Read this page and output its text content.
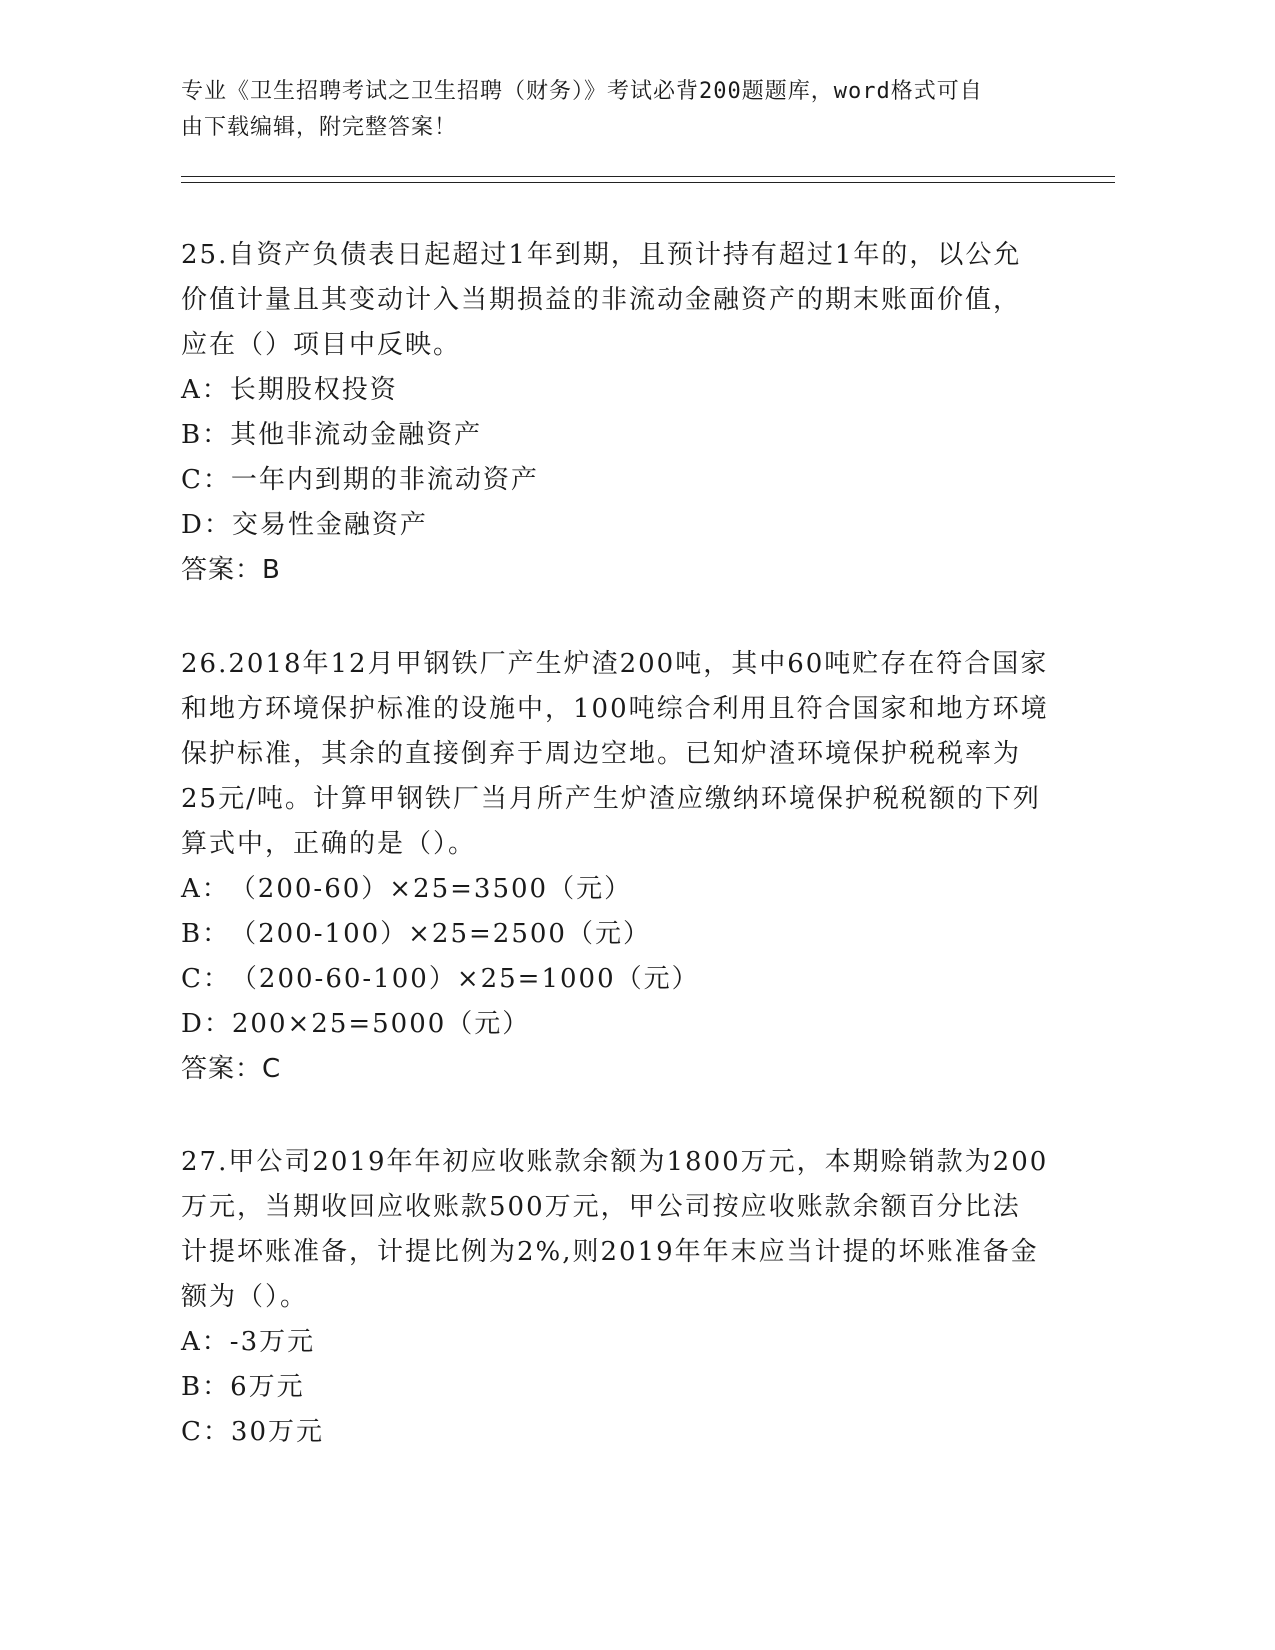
专业《卫生招聘考试之卫生招聘（财务）》考试必背200题题库，word格式可自
由下载编辑，附完整答案！

25.自资产负债表日起超过1年到期，且预计持有超过1年的，以公允

价值计量且其变动计入当期损益的非流动金融资产的期末账面价值，

应在（）项目中反映。

A： 长期股权投资
B： 其他非流动金融资产
C： 一年内到期的非流动资产
D： 交易性金融资产

答案：B

26.2018年12月甲钢铁厂产生炉渣200吨，其中60吨贮存在符合国家

和地方环境保护标准的设施中，100吨综合利用且符合国家和地方环境

保护标准，其余的直接倒弃于周边空地。已知炉渣环境保护税税率为

25元/吨。计算甲钢铁厂当月所产生炉渣应缴纳环境保护税税额的下列

算式中，正确的是（）。

A： （200-60）×25=3500（元）
B： （200-100）×25=2500（元）
C： （200-60-100）×25=1000（元）
D： 200×25=5000（元）

答案：C

27.甲公司2019年年初应收账款余额为1800万元，本期赊销款为200

万元，当期收回应收账款500万元，甲公司按应收账款余额百分比法

计提坏账准备，计提比例为2%,则2019年年末应当计提的坏账准备金

额为（）。

A： -3万元
B： 6万元
C： 30万元
